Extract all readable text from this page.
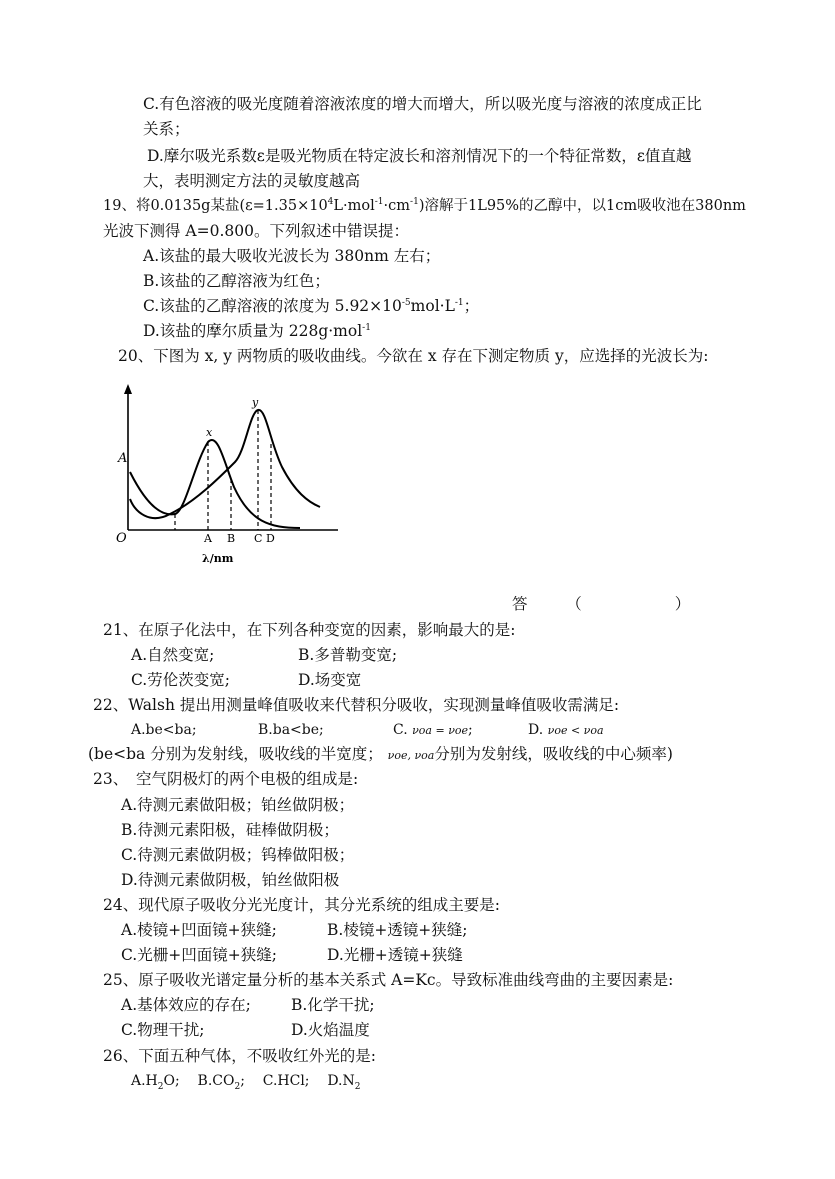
C.有色溶液的吸光度随着溶液浓度的增大而增大，所以吸光度与溶液的浓度成正比
关系；
D.摩尔吸光系数ε是吸光物质在特定波长和溶剂情况下的一个特征常数，ε值直越
大，表明测定方法的灵敏度越高
19、将0.0135g某盐$(\varepsilon=1.35\times 10^4L\cdot mol^{-1}\cdot cm^{-1})$溶解于1L95%的乙醇中，以1cm吸收池在380nm
光波下测得 A=0.800。下列叙述中错误提：
A.该盐的最大吸收光波长为 380nm 左右；
B.该盐的乙醇溶液为红色；
C.该盐的乙醇溶液的浓度为 $5.92\times 10^{-5}mol\cdot L^{-1}$；
D.该盐的摩尔质量为 228g·mol$^{-1}$
20、下图为 x, y 两物质的吸收曲线。今欲在 x 存在下测定物质 y，应选择的光波长为:
A
O
x
y
A B C D
λ/nm
答　　　（　　　　　　）
21、在原子化法中，在下列各种变宽的因素，影响最大的是:
A.自然变宽;	B.多普勒变宽;
C.劳伦茨变宽;	D.场变宽
22、Walsh 提出用测量峰值吸收来代替积分吸收，实现测量峰值吸收需满足:
A.be<ba;	B.ba<be;	C. νoa = νoe;	D. νoe < νoa
(be<ba 分别为发射线，吸收线的半宽度； νoe, νoa分别为发射线，吸收线的中心频率)
23、　空气阴极灯的两个电极的组成是:
A.待测元素做阳极；铂丝做阴极；
B.待测元素阳极，硅棒做阴极；
C.待测元素做阴极；钨棒做阳极；
D.待测元素做阴极，铂丝做阳极
24、现代原子吸收分光光度计，其分光系统的组成主要是:
A.棱镜+凹面镜+狭缝;	B.棱镜+透镜+狭缝;
C.光栅+凹面镜+狭缝;	D.光栅+透镜+狭缝
25、原子吸收光谱定量分析的基本关系式 A=Kc。导致标准曲线弯曲的主要因素是:
A.基体效应的存在;	B.化学干扰;
C.物理干扰;	D.火焰温度
26、下面五种气体，不吸收红外光的是:
$A.H_2O$; $B.CO_2$; C.HCl; $D.N_2$
